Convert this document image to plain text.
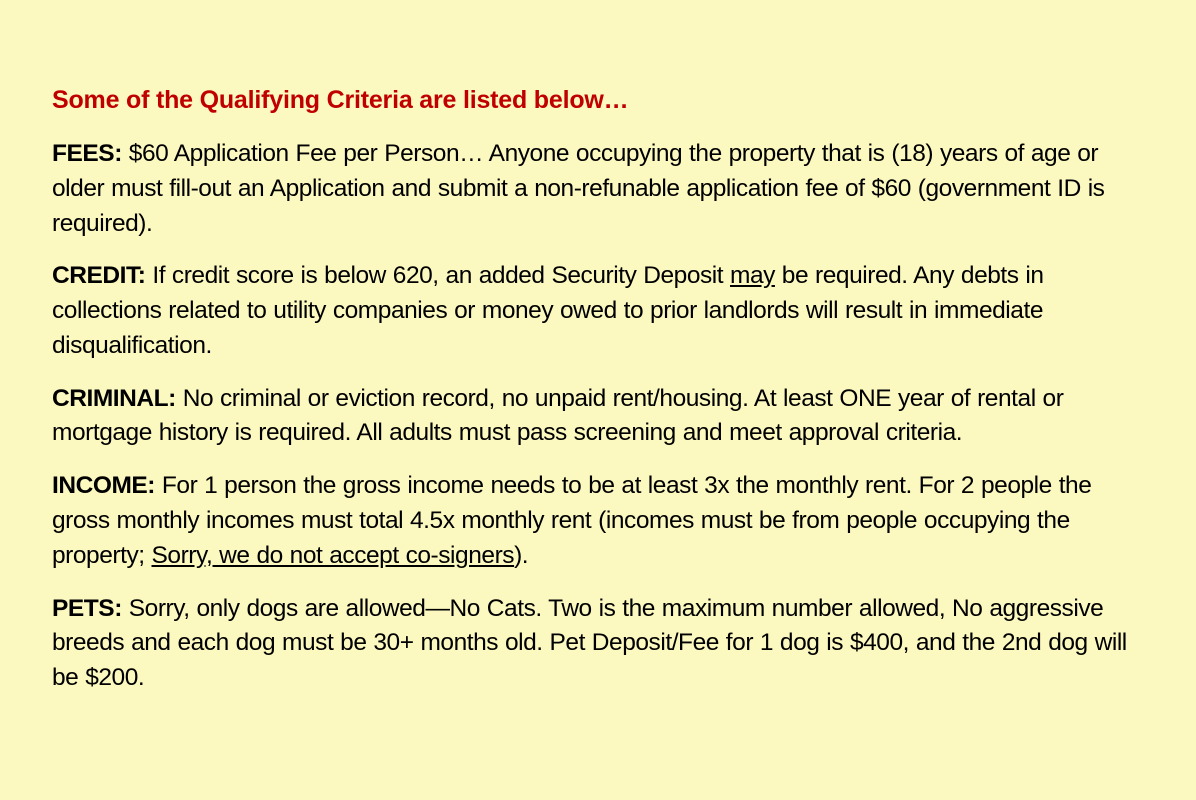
Some of the Qualifying Criteria are listed below…

FEES: $60 Application Fee per Person… Anyone occupying the property that is (18) years of age or older must fill-out an Application and submit a non-refunable application fee of $60 (government ID is required).

CREDIT: If credit score is below 620, an added Security Deposit may be required. Any debts in collections related to utility companies or money owed to prior landlords will result in immediate disqualification.

CRIMINAL: No criminal or eviction record, no unpaid rent/housing. At least ONE year of rental or mortgage history is required. All adults must pass screening and meet approval criteria.

INCOME: For 1 person the gross income needs to be at least 3x the monthly rent. For 2 people the gross monthly incomes must total 4.5x monthly rent (incomes must be from people occupying the property; Sorry, we do not accept co-signers).

PETS: Sorry, only dogs are allowed—No Cats. Two is the maximum number allowed, No aggressive breeds and each dog must be 30+ months old. Pet Deposit/Fee for 1 dog is $400, and the 2nd dog will be $200.
